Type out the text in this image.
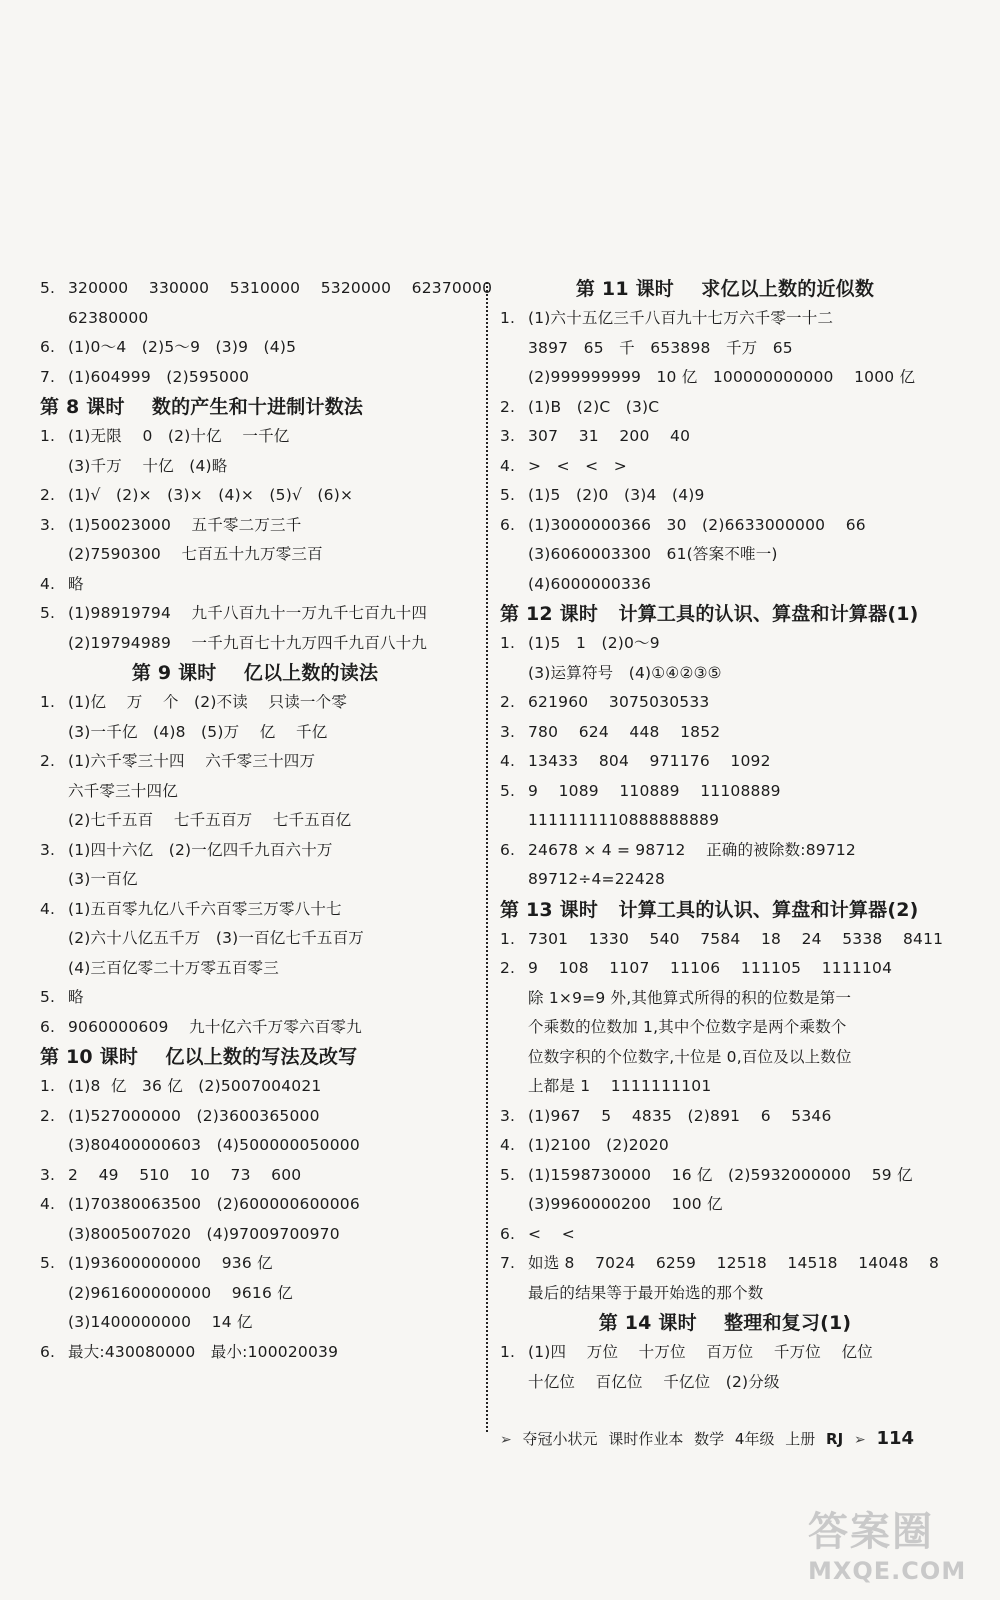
5. 320000    330000    5310000    5320000    62370000
62380000
6. (1)0～4   (2)5～9   (3)9   (4)5
7. (1)604999   (2)595000
第 8 课时    数的产生和十进制计数法
1. (1)无限    0   (2)十亿    一千亿
(3)千万    十亿   (4)略
2. (1)√   (2)×   (3)×   (4)×   (5)√   (6)×
3. (1)50023000    五千零二万三千
(2)7590300    七百五十九万零三百
4. 略
5. (1)98919794    九千八百九十一万九千七百九十四
(2)19794989    一千九百七十九万四千九百八十九
第 9 课时    亿以上数的读法
1. (1)亿    万    个   (2)不读    只读一个零
(3)一千亿   (4)8   (5)万    亿    千亿
2. (1)六千零三十四    六千零三十四万
六千零三十四亿
(2)七千五百    七千五百万    七千五百亿
3. (1)四十六亿   (2)一亿四千九百六十万
(3)一百亿
4. (1)五百零九亿八千六百零三万零八十七
(2)六十八亿五千万   (3)一百亿七千五百万
(4)三百亿零二十万零五百零三
5. 略
6. 9060000609    九十亿六千万零六百零九
第 10 课时    亿以上数的写法及改写
1. (1)8  亿   36 亿   (2)5007004021
2. (1)527000000   (2)3600365000
(3)80400000603   (4)500000050000
3. 2    49    510    10    73    600
4. (1)70380063500   (2)600000600006
(3)8005007020   (4)97009700970
5. (1)93600000000    936 亿
(2)961600000000    9616 亿
(3)1400000000    14 亿
6. 最大:430080000   最小:100020039
第 11 课时    求亿以上数的近似数
1. (1)六十五亿三千八百九十七万六千零一十二
3897   65   千   653898   千万   65
(2)999999999   10 亿   100000000000    1000 亿
2. (1)B   (2)C   (3)C
3. 307    31    200    40
4. >   <   <   >
5. (1)5   (2)0   (3)4   (4)9
6. (1)3000000366   30   (2)6633000000    66
(3)6060003300   61(答案不唯一)
(4)6000000336
第 12 课时   计算工具的认识、算盘和计算器(1)
1. (1)5   1   (2)0～9
(3)运算符号   (4)①④②③⑤
2. 621960    3075030533
3. 780    624    448    1852
4. 13433    804    971176    1092
5. 9    1089    110889    11108889
1111111110888888889
6. 24678 × 4 = 98712    正确的被除数:89712
89712÷4=22428
第 13 课时   计算工具的认识、算盘和计算器(2)
1. 7301    1330    540    7584    18    24    5338    8411
2. 9    108    1107    11106    111105    1111104
除 1×9=9 外,其他算式所得的积的位数是第一
个乘数的位数加 1,其中个位数字是两个乘数个
位数字积的个位数字,十位是 0,百位及以上数位
上都是 1    1111111101
3. (1)967    5    4835   (2)891    6    5346
4. (1)2100   (2)2020
5. (1)1598730000    16 亿   (2)5932000000    59 亿
(3)9960000200    100 亿
6. <    <
7. 如选 8    7024    6259    12518    14518    14048    8
最后的结果等于最开始选的那个数
第 14 课时    整理和复习(1)
1. (1)四    万位    十万位    百万位    千万位    亿位
十亿位    百亿位    千亿位   (2)分级
➢ 夺冠小状元 课时作业本 数学 4年级 上册 RJ ➢ 114
答案圈
MXQE.COM
